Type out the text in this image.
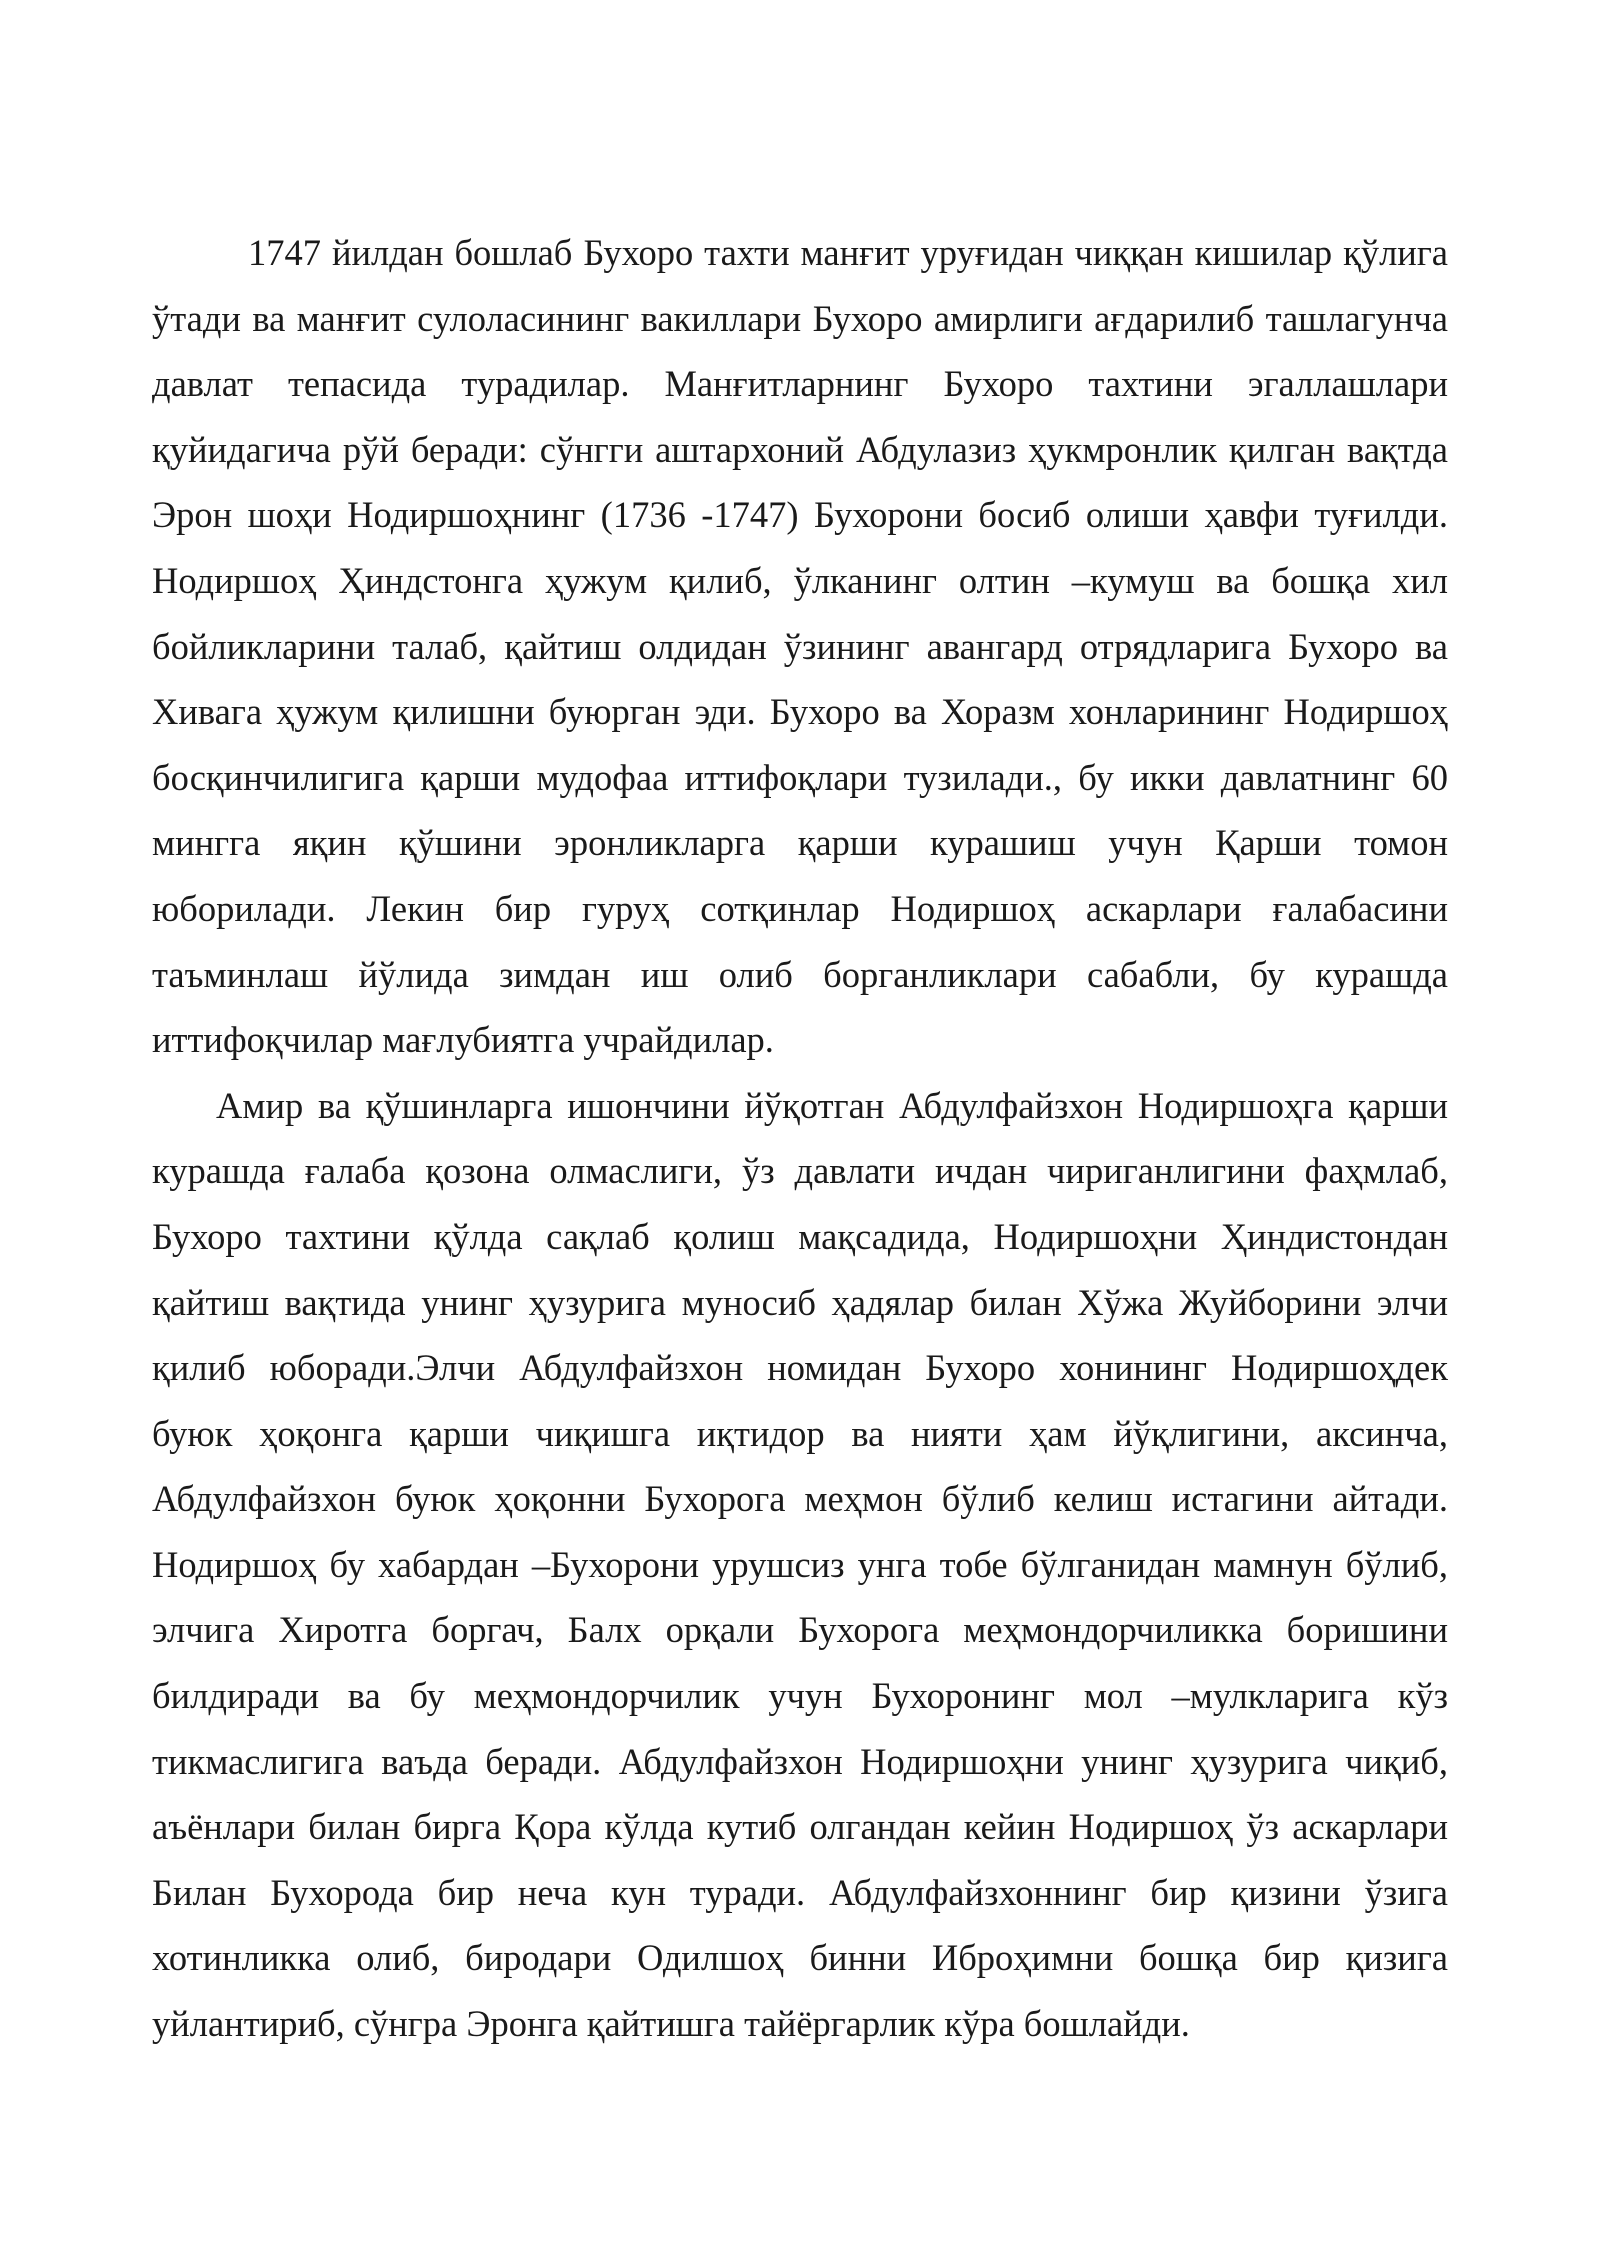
1747 йилдан бошлаб Бухоро тахти манғит уруғидан чиққан кишилар қўлига ўтади ва манғит сулоласининг вакиллари Бухоро амирлиги ағдарилиб ташлагунча давлат тепасида турадилар. Манғитларнинг Бухоро тахтини эгаллашлари қуйидагича рўй беради: сўнгги аштархоний Абдулазиз ҳукмронлик қилган вақтда Эрон шоҳи Нодиршоҳнинг (1736 -1747) Бухорони босиб олиши ҳавфи туғилди. Нодиршоҳ Ҳиндстонга ҳужум қилиб, ўлканинг олтин –кумуш ва бошқа хил бойликларини талаб, қайтиш олдидан ўзининг авангард отрядларига Бухоро ва Хивага ҳужум қилишни буюрган эди. Бухоро ва Хоразм хонларининг Нодиршоҳ босқинчилигига қарши мудофаа иттифоқлари тузилади., бу икки давлатнинг 60 мингга яқин қўшини эронликларга қарши курашиш учун Қарши томон юборилади. Лекин бир гуруҳ сотқинлар Нодиршоҳ аскарлари ғалабасини таъминлаш йўлида зимдан иш олиб борганликлари сабабли, бу курашда иттифоқчилар мағлубиятга учрайдилар.

Амир ва қўшинларга ишончини йўқотган Абдулфайзхон Нодиршоҳга қарши курашда ғалаба қозона олмаслиги, ўз давлати ичдан чириганлигини фаҳмлаб, Бухоро тахтини қўлда сақлаб қолиш мақсадида, Нодиршоҳни Ҳиндистондан қайтиш вақтида унинг ҳузурига муносиб ҳадялар билан Хўжа Жуйборини элчи қилиб юборади.Элчи Абдулфайзхон номидан Бухоро хонининг Нодиршоҳдек буюк ҳоқонга қарши чиқишга иқтидор ва нияти ҳам йўқлигини, аксинча, Абдулфайзхон буюк ҳоқонни Бухорога меҳмон бўлиб келиш истагини айтади. Нодиршоҳ бу хабардан –Бухорони урушсиз унга тобе бўлганидан мамнун бўлиб, элчига Хиротга боргач, Балх орқали Бухорога меҳмондорчиликка боришини билдиради ва бу меҳмондорчилик учун Бухоронинг мол –мулкларига кўз тикмаслигига ваъда беради. Абдулфайзхон Нодиршоҳни унинг ҳузурига чиқиб, аъёнлари билан бирга Қора кўлда кутиб олгандан кейин Нодиршоҳ ўз аскарлари Билан Бухорода бир неча кун туради. Абдулфайзхоннинг бир қизини ўзига хотинликка олиб, биродари Одилшоҳ бинни Иброҳимни бошқа бир қизига уйлантириб, сўнгра Эронга қайтишга тайёргарлик кўра бошлайди.
